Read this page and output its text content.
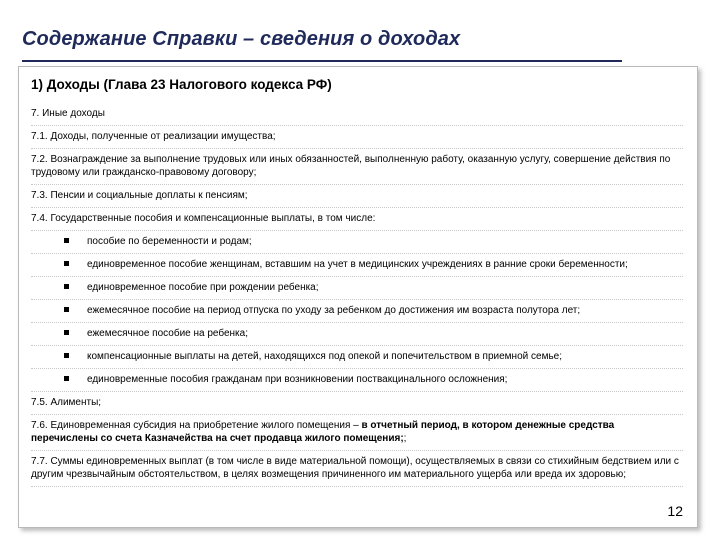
Содержание Справки – сведения о доходах
1) Доходы (Глава 23 Налогового кодекса РФ)
7. Иные доходы
7.1. Доходы, полученные от реализации имущества;
7.2. Вознаграждение за выполнение трудовых или иных обязанностей, выполненную работу, оказанную услугу, совершение действия по трудовому или гражданско-правовому договору;
7.3. Пенсии и социальные доплаты к пенсиям;
7.4. Государственные пособия и компенсационные выплаты, в том числе:
пособие по беременности и родам;
единовременное пособие женщинам, вставшим на учет в медицинских учреждениях в ранние сроки беременности;
единовременное пособие при рождении ребенка;
ежемесячное пособие на период отпуска по уходу за ребенком до достижения им возраста полутора лет;
ежемесячное пособие на ребенка;
компенсационные выплаты на детей, находящихся под опекой и попечительством в приемной семье;
единовременные пособия гражданам при возникновении поствакцинального осложнения;
7.5. Алименты;
7.6. Единовременная субсидия на приобретение жилого помещения – в отчетный период, в котором денежные средства перечислены со счета Казначейства на счет продавца жилого помещения;;
7.7. Суммы единовременных выплат (в том числе в виде материальной помощи), осуществляемых в связи со стихийным бедствием или с другим чрезвычайным обстоятельством, в целях возмещения причиненного им материального ущерба или вреда их здоровью;
12
